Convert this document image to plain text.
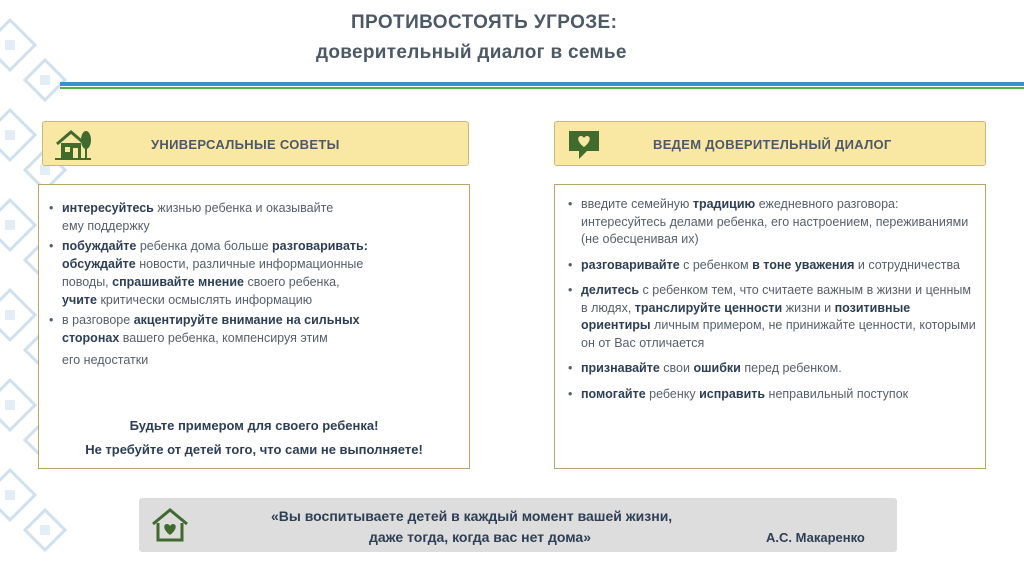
ПРОТИВОСТОЯТЬ УГРОЗЕ:
доверительный диалог в семье
УНИВЕРСАЛЬНЫЕ СОВЕТЫ	ВЕДЕМ ДОВЕРИТЕЛЬНЫЙ ДИАЛОГ
• интересуйтесь жизнью ребенка и оказывайте
ему поддержку
• побуждайте ребенка дома больше разговаривать:
обсуждайте новости, различные информационные
поводы, спрашивайте мнение своего ребенка,
учите критически осмыслять информацию
• в разговоре акцентируйте внимание на сильных
сторонах вашего ребенка, компенсируя этим
его недостатки
Будьте примером для своего ребенка!
Не требуйте от детей того, что сами не выполняете!
• введите семейную традицию ежедневного разговора: интересуйтесь делами ребенка, его настроением, переживаниями (не обесценивая их)
• разговаривайте с ребенком в тоне уважения и сотрудничества
• делитесь с ребенком тем, что считаете важным в жизни и ценным в людях, транслируйте ценности жизни и позитивные ориентиры личным примером, не принижайте ценности, которыми он от Вас отличается
• признавайте свои ошибки перед ребенком.
• помогайте ребенку исправить неправильный поступок
«Вы воспитываете детей в каждый момент вашей жизни,
даже тогда, когда вас нет дома»	А.С. Макаренко
